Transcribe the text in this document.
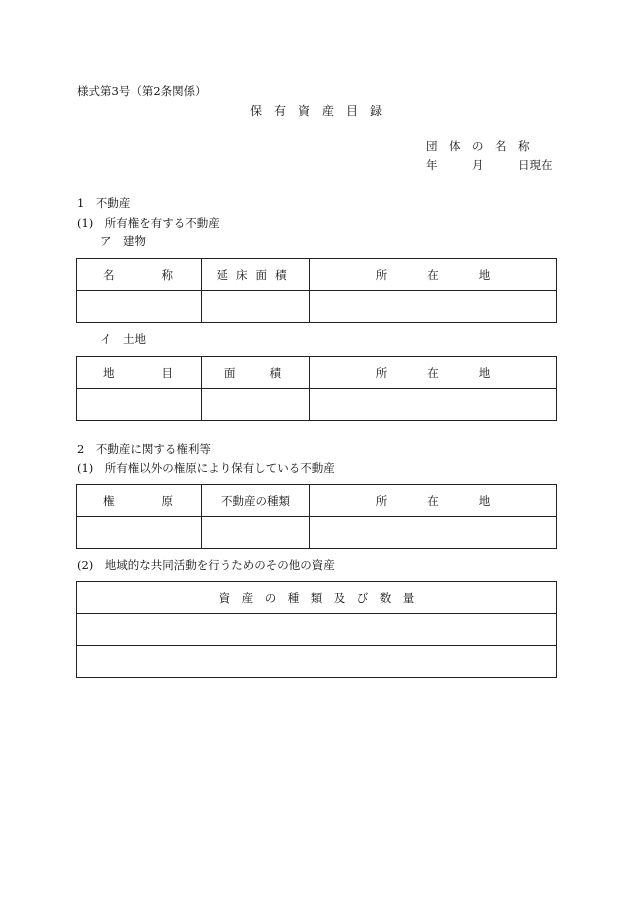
様式第3号（第2条関係）
保　有　資　産　目　録
団　体　の　名　称
年　　　月　　　日現在
1　不動産
(1)　所有権を有する不動産
ア　建物
名 称	延床面積	所 在 地

イ　土地
地 目	面 積	所 在 地

2　不動産に関する権利等
(1)　所有権以外の権原により保有している不動産
権 原	不動産の種類	所 在 地

(2)　地域的な共同活動を行うためのその他の資産
資　産　の　種　類　及　び　数　量
